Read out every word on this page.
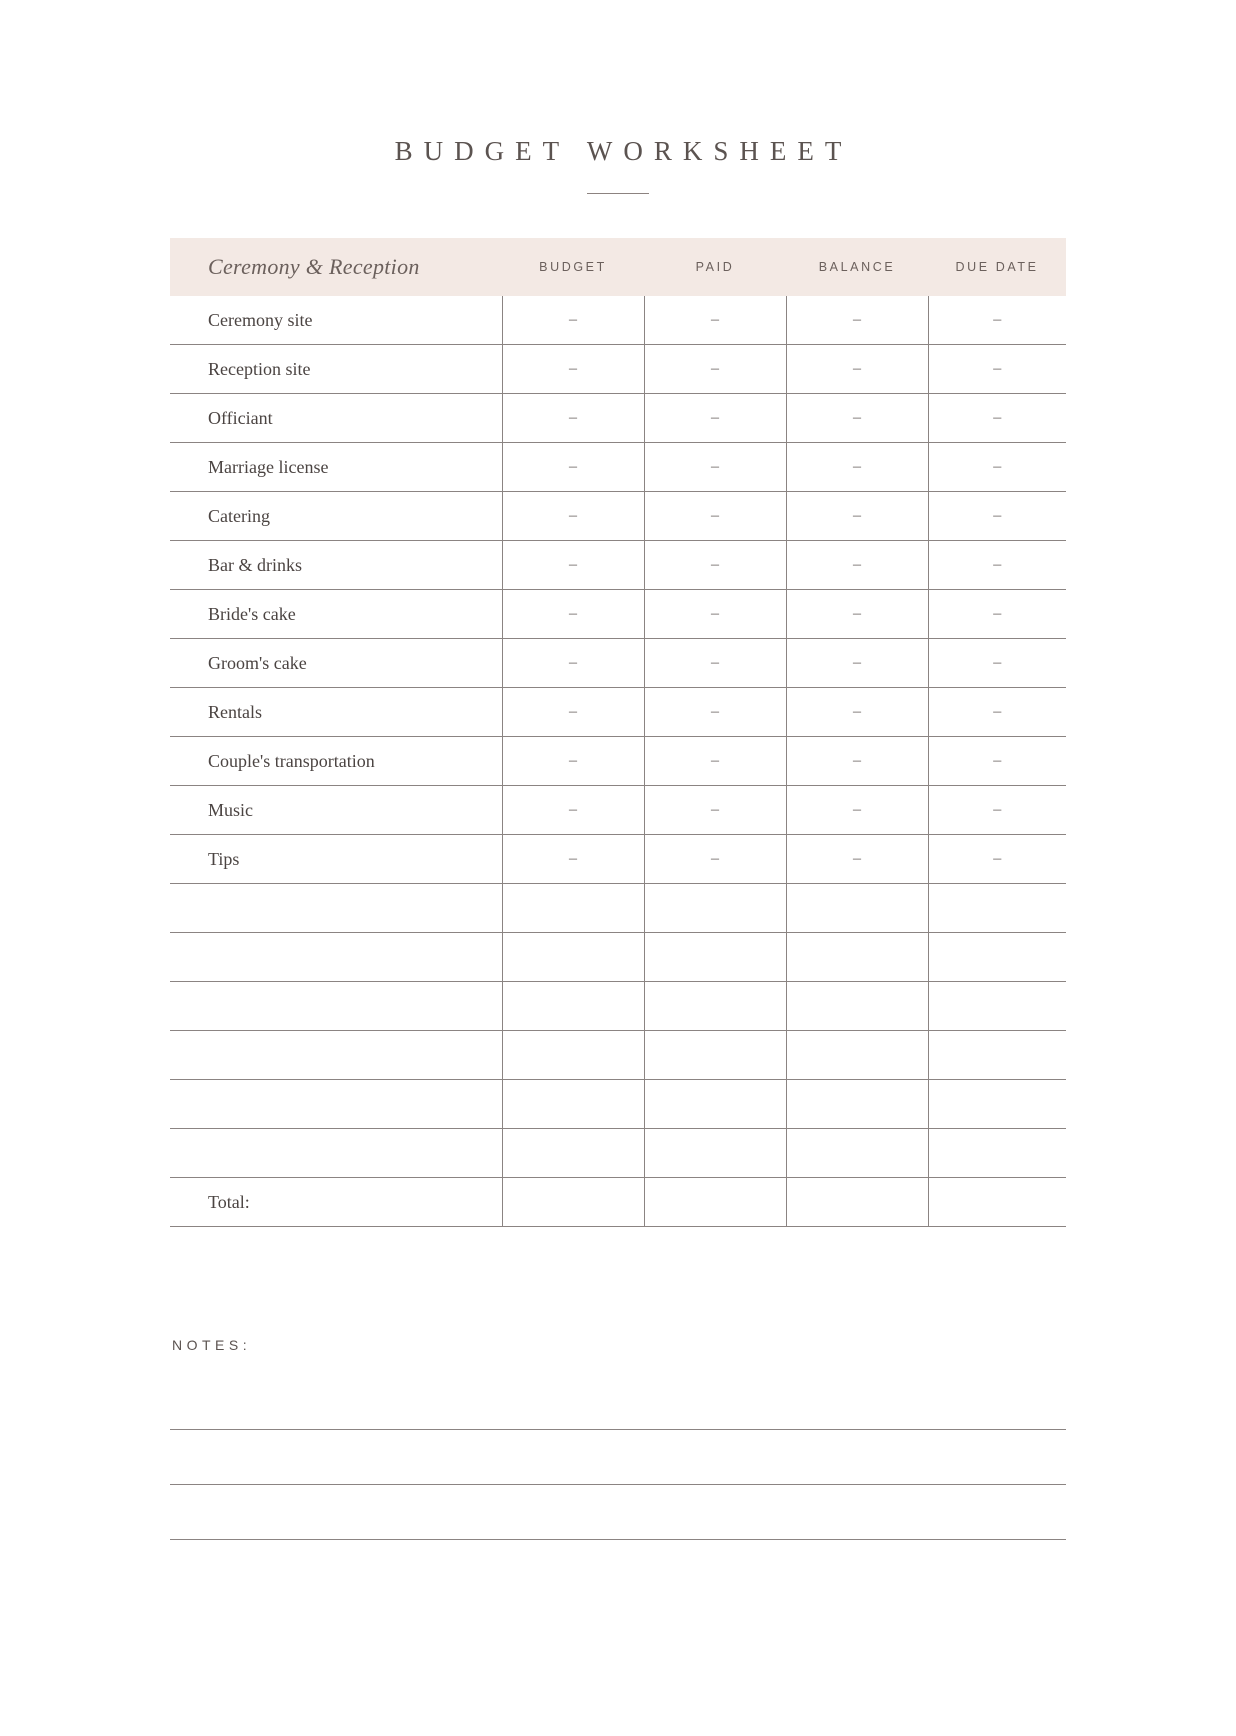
BUDGET WORKSHEET
Ceremony & Reception	BUDGET	PAID	BALANCE	DUE DATE
Ceremony site	–	–	–	–
Reception site	–	–	–	–
Officiant	–	–	–	–
Marriage license	–	–	–	–
Catering	–	–	–	–
Bar & drinks	–	–	–	–
Bride's cake	–	–	–	–
Groom's cake	–	–	–	–
Rentals	–	–	–	–
Couple's transportation	–	–	–	–
Music	–	–	–	–
Tips	–	–	–	–

Total:				
NOTES:
